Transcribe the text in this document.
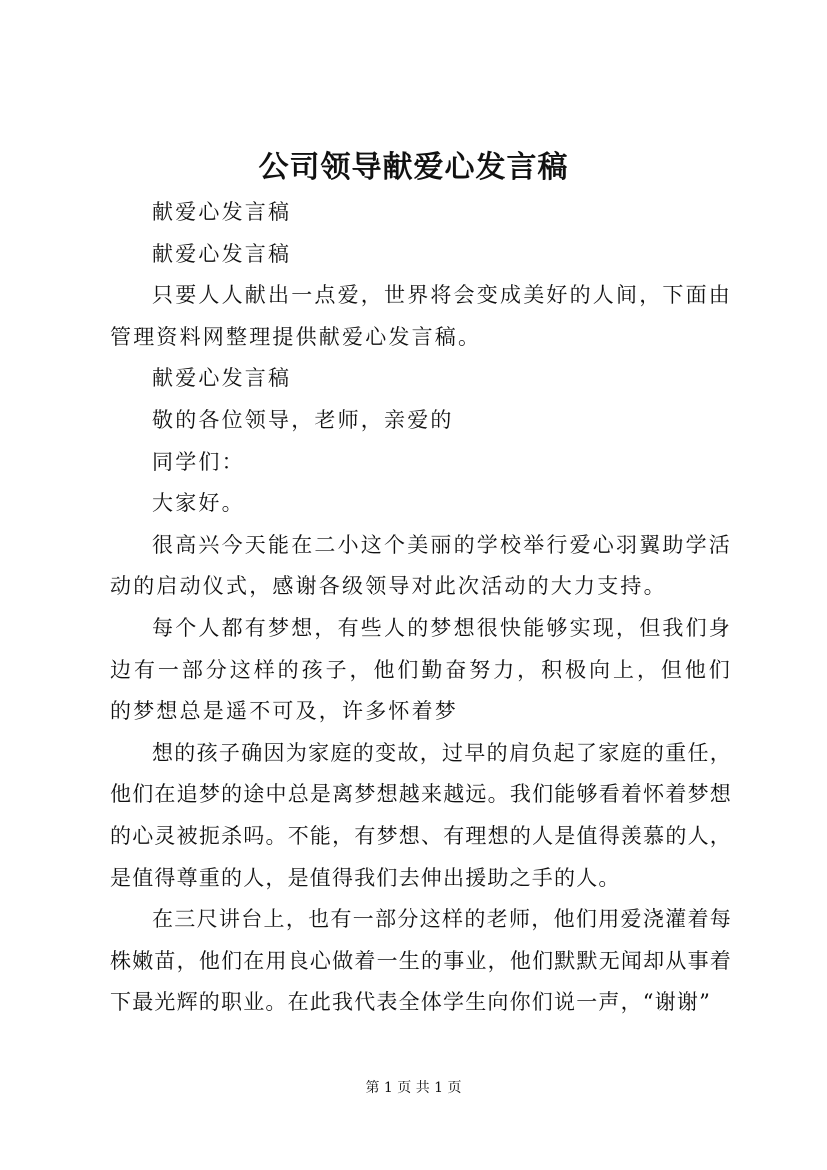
公司领导献爱心发言稿

献爱心发言稿

献爱心发言稿

只要人人献出一点爱，世界将会变成美好的人间，下面由管理资料网整理提供献爱心发言稿。

献爱心发言稿

敬的各位领导，老师，亲爱的

同学们：

大家好。

很高兴今天能在二小这个美丽的学校举行爱心羽翼助学活动的启动仪式，感谢各级领导对此次活动的大力支持。

每个人都有梦想，有些人的梦想很快能够实现，但我们身边有一部分这样的孩子，他们勤奋努力，积极向上，但他们的梦想总是遥不可及，许多怀着梦

想的孩子确因为家庭的变故，过早的肩负起了家庭的重任，他们在追梦的途中总是离梦想越来越远。我们能够看着怀着梦想的心灵被扼杀吗。不能，有梦想、有理想的人是值得羡慕的人，是值得尊重的人，是值得我们去伸出援助之手的人。

在三尺讲台上，也有一部分这样的老师，他们用爱浇灌着每株嫩苗，他们在用良心做着一生的事业，他们默默无闻却从事着下最光辉的职业。在此我代表全体学生向你们说一声，“谢谢”

第 1 页 共 1 页
